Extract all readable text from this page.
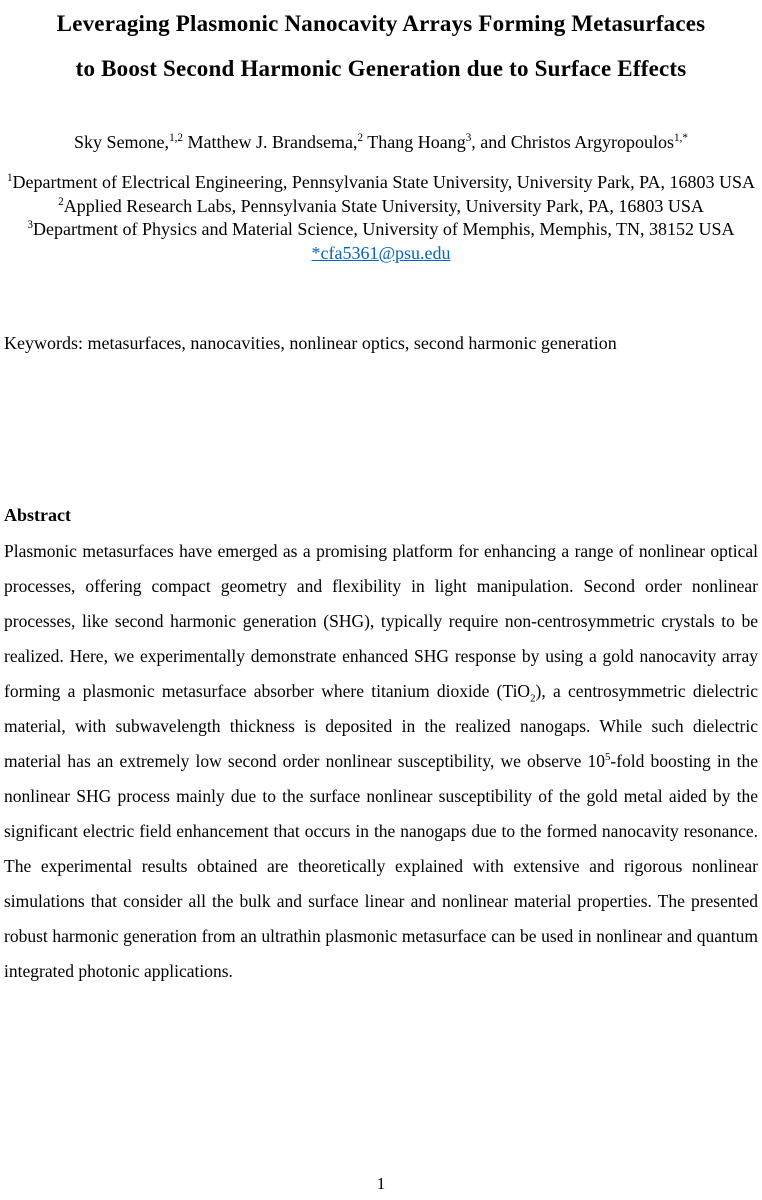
Leveraging Plasmonic Nanocavity Arrays Forming Metasurfaces
to Boost Second Harmonic Generation due to Surface Effects
Sky Semone,$^{1,2}$ Matthew J. Brandsema,$^2$ Thang Hoang$^3$, and Christos Argyropoulos$^{1,*}$
$^1$Department of Electrical Engineering, Pennsylvania State University, University Park, PA, 16803 USA
$^2$Applied Research Labs, Pennsylvania State University, University Park, PA, 16803 USA
$^3$Department of Physics and Material Science, University of Memphis, Memphis, TN, 38152 USA
*cfa5361@psu.edu
Keywords: metasurfaces, nanocavities, nonlinear optics, second harmonic generation
Abstract
Plasmonic metasurfaces have emerged as a promising platform for enhancing a range of nonlinear optical processes, offering compact geometry and flexibility in light manipulation. Second order nonlinear processes, like second harmonic generation (SHG), typically require non-centrosymmetric crystals to be realized. Here, we experimentally demonstrate enhanced SHG response by using a gold nanocavity array forming a plasmonic metasurface absorber where titanium dioxide (TiO$_2$), a centrosymmetric dielectric material, with subwavelength thickness is deposited in the realized nanogaps. While such dielectric material has an extremely low second order nonlinear susceptibility, we observe $10^5$-fold boosting in the nonlinear SHG process mainly due to the surface nonlinear susceptibility of the gold metal aided by the significant electric field enhancement that occurs in the nanogaps due to the formed nanocavity resonance. The experimental results obtained are theoretically explained with extensive and rigorous nonlinear simulations that consider all the bulk and surface linear and nonlinear material properties. The presented robust harmonic generation from an ultrathin plasmonic metasurface can be used in nonlinear and quantum integrated photonic applications.
1
